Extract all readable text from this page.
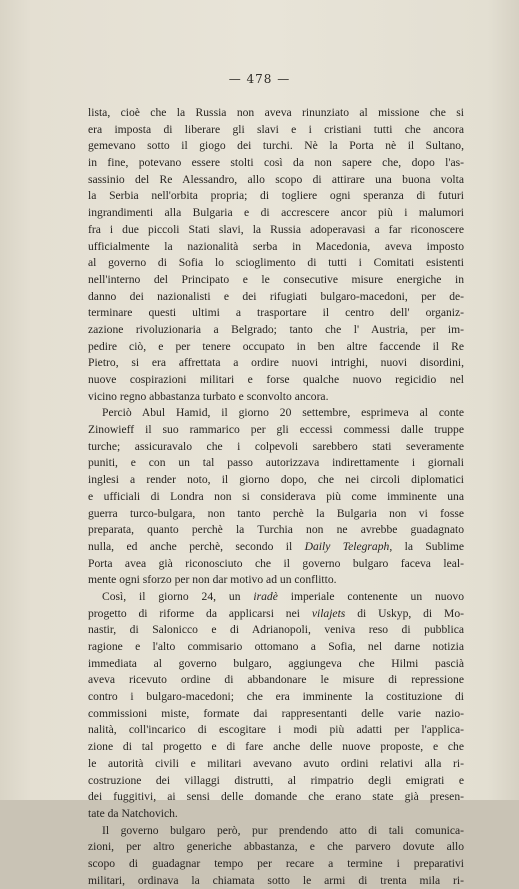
— 478 —
lista, cioè che la Russia non aveva rinunziato al missione che si
era imposta di liberare gli slavi e i cristiani tutti che ancora
gemevano sotto il giogo dei turchi. Nè la Porta nè il Sultano,
in fine, potevano essere stolti così da non sapere che, dopo l'as-
sassinio del Re Alessandro, allo scopo di attirare una buona volta
la Serbia nell'orbita propria; di togliere ogni speranza di futuri
ingrandimenti alla Bulgaria e di accrescere ancor più i malumori
fra i due piccoli Stati slavi, la Russia adoperavasi a far riconoscere
ufficialmente la nazionalità serba in Macedonia, aveva imposto
al governo di Sofia lo scioglimento di tutti i Comitati esistenti
nell'interno del Principato e le consecutive misure energiche in
danno dei nazionalisti e dei rifugiati bulgaro-macedoni, per de-
terminare questi ultimi a trasportare il centro dell' organiz-
zazione rivoluzionaria a Belgrado; tanto che l' Austria, per im-
pedire ciò, e per tenere occupato in ben altre faccende il Re
Pietro, si era affrettata a ordire nuovi intrighi, nuovi disordini,
nuove cospirazioni militari e forse qualche nuovo regicidio nel
vicino regno abbastanza turbato e sconvolto ancora.
Perciò Abul Hamid, il giorno 20 settembre, esprimeva al conte
Zinowieff il suo rammarico per gli eccessi commessi dalle truppe
turche; assicuravalo che i colpevoli sarebbero stati severamente
puniti, e con un tal passo autorizzava indirettamente i giornali
inglesi a render noto, il giorno dopo, che nei circoli diplomatici
e ufficiali di Londra non si considerava più come imminente una
guerra turco-bulgara, non tanto perchè la Bulgaria non vi fosse
preparata, quanto perchè la Turchia non ne avrebbe guadagnato
nulla, ed anche perchè, secondo il Daily Telegraph, la Sublime
Porta avea già riconosciuto che il governo bulgaro faceva leal-
mente ogni sforzo per non dar motivo ad un conflitto.
Così, il giorno 24, un iradè imperiale contenente un nuovo
progetto di riforme da applicarsi nei vilajets di Uskyp, di Mo-
nastir, di Salonicco e di Adrianopoli, veniva reso di pubblica
ragione e l'alto commisario ottomano a Sofia, nel darne notizia
immediata al governo bulgaro, aggiungeva che Hilmi pascià
aveva ricevuto ordine di abbandonare le misure di repressione
contro i bulgaro-macedoni; che era imminente la costituzione di
commissioni miste, formate dai rappresentanti delle varie nazio-
nalità, coll'incarico di escogitare i modi più adatti per l'applica-
zione di tal progetto e di fare anche delle nuove proposte, e che
le autorità civili e militari avevano avuto ordini relativi alla ri-
costruzione dei villaggi distrutti, al rimpatrio degli emigrati e
dei fuggitivi, ai sensi delle domande che erano state già presen-
tate da Natchovich.
Il governo bulgaro però, pur prendendo atto di tali comunica-
zioni, per altro generiche abbastanza, e che parvero dovute allo
scopo di guadagnar tempo per recare a termine i preparativi
militari, ordinava la chiamata sotto le armi di trenta mila ri-
